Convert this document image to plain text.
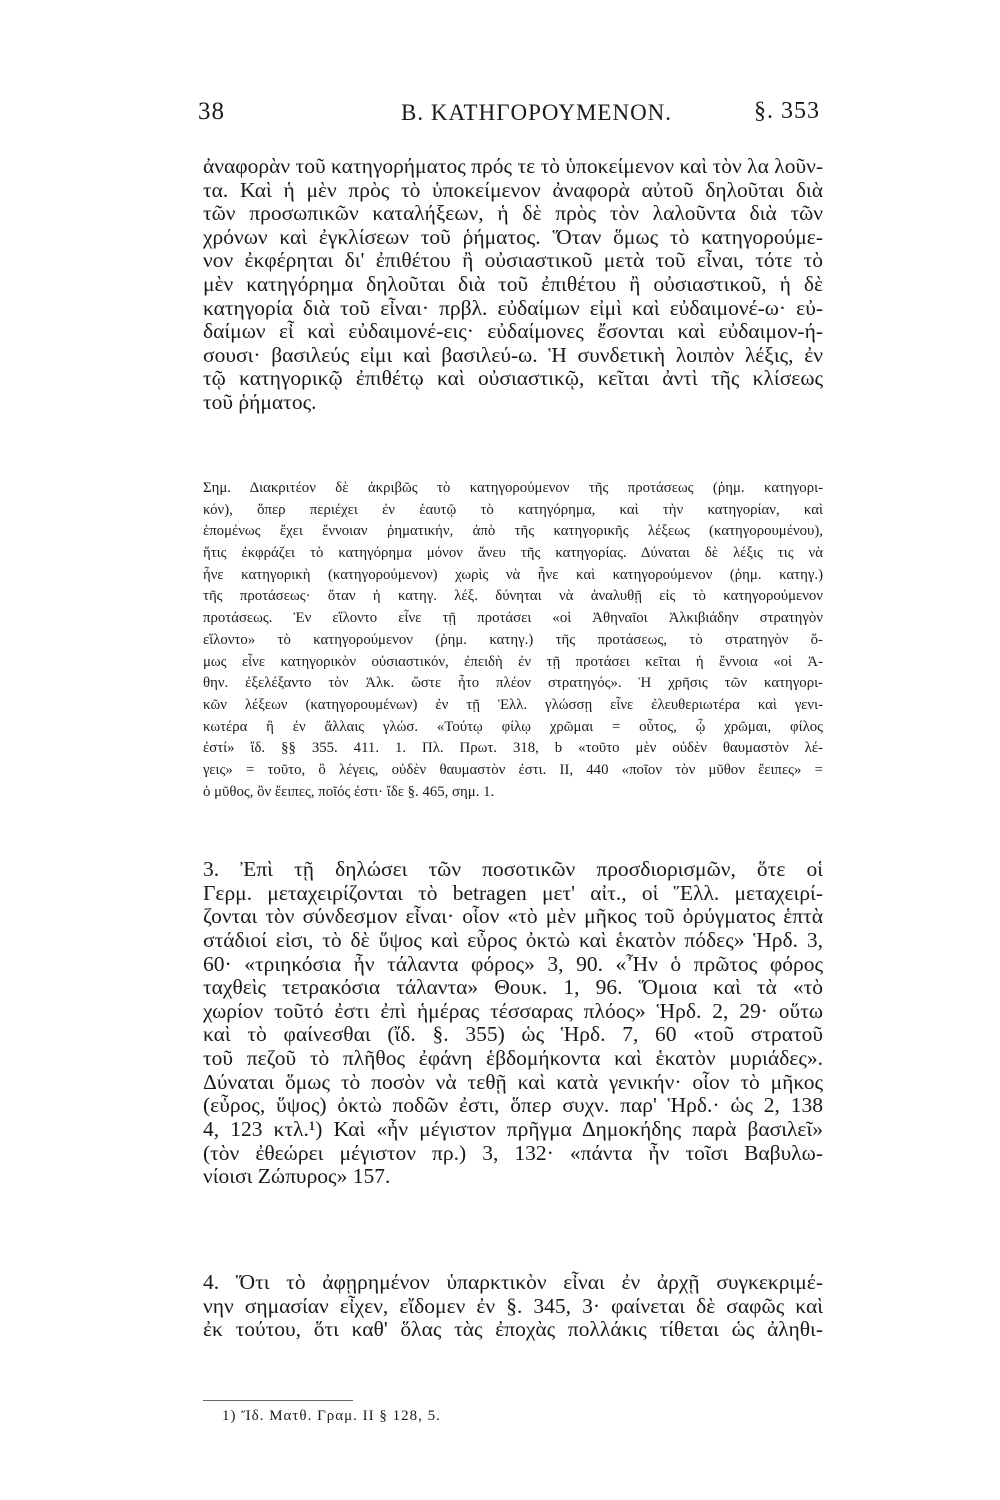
38	Β. ΚΑΤΗΓΟΡΟΥΜΕΝΟΝ.	§. 353
ἀναφορὰν τοῦ κατηγορήματος πρός τε τὸ ὑποκείμενον καὶ τὸν λα λοῦν-
τα. Καὶ ἡ μὲν πρὸς τὸ ὑποκείμενον ἀναφορὰ αὐτοῦ δηλοῦται διὰ
τῶν προσωπικῶν καταλήξεων, ἡ δὲ πρὸς τὸν λαλοῦντα διὰ τῶν
χρόνων καὶ ἐγκλίσεων τοῦ ῥήματος. Ὅταν ὅμως τὸ κατηγορούμε-
νον ἐκφέρηται δι' ἐπιθέτου ἢ οὐσιαστικοῦ μετὰ τοῦ εἶναι, τότε τὸ
μὲν κατηγόρημα δηλοῦται διὰ τοῦ ἐπιθέτου ἢ οὐσιαστικοῦ, ἡ δὲ
κατηγορία διὰ τοῦ εἶναι· πρβλ. εὐδαίμων εἰμὶ καὶ εὐδαιμονέ-ω· εὐ-
δαίμων εἶ καὶ εὐδαιμονέ-εις· εὐδαίμονες ἔσονται καὶ εὐδαιμον-ή-
σουσι· βασιλεύς εἰμι καὶ βασιλεύ-ω. Ἡ συνδετικὴ λοιπὸν λέξις, ἐν
τῷ κατηγορικῷ ἐπιθέτῳ καὶ οὐσιαστικῷ, κεῖται ἀντὶ τῆς κλίσεως
τοῦ ῥήματος.
Σημ. Διακριτέον δὲ ἀκριβῶς τὸ κατηγορούμενον τῆς προτάσεως (ῥημ. κατηγορι-
κόν), ὅπερ περιέχει ἐν ἑαυτῷ τὸ κατηγόρημα, καὶ τὴν κατηγορίαν, καὶ
ἑπομένως ἔχει ἔννοιαν ῥηματικήν, ἀπὸ τῆς κατηγορικῆς λέξεως (κατηγορουμένου),
ἥτις ἐκφράζει τὸ κατηγόρημα μόνον ἄνευ τῆς κατηγορίας. Δύναται δὲ λέξις τις νὰ
ἦνε κατηγορικὴ (κατηγορούμενον) χωρὶς νὰ ἦνε καὶ κατηγορούμενον (ῥημ. κατηγ.)
τῆς προτάσεως· ὅταν ἡ κατηγ. λέξ. δύνηται νὰ ἀναλυθῇ εἰς τὸ κατηγορούμενον
προτάσεως. Ἐν εἵλοντο εἶνε τῇ προτάσει «οἱ Ἀθηναῖοι Ἀλκιβιάδην στρατηγὸν
εἵλοντο» τὸ κατηγορούμενον (ῥημ. κατηγ.) τῆς προτάσεως, τὸ στρατηγὸν ὅ-
μως εἶνε κατηγορικὸν οὐσιαστικόν, ἐπειδὴ ἐν τῇ προτάσει κεῖται ἡ ἔννοια «οἱ Ἀ-
θην. ἐξελέξαντο τὸν Ἀλκ. ὥστε ἦτο πλέον στρατηγός». Ἡ χρῆσις τῶν κατηγορι-
κῶν λέξεων (κατηγορουμένων) ἐν τῇ Ἑλλ. γλώσσῃ εἶνε ἐλευθεριωτέρα καὶ γενι-
κωτέρα ἢ ἐν ἄλλαις γλώσ. «Τούτῳ φίλῳ χρῶμαι = οὗτος, ᾧ χρῶμαι, φίλος
ἐστί» ἴδ. §§ 355. 411. 1. Πλ. Πρωτ. 318, b «τοῦτο μὲν οὐδὲν θαυμαστὸν λέ-
γεις» = τοῦτο, ὃ λέγεις, οὐδὲν θαυμαστὸν ἐστι. ΙΙ, 440 «ποῖον τὸν μῦθον ἔειπες» =
ὁ μῦθος, ὃν ἔειπες, ποῖός ἐστι· ἴδε §. 465, σημ. 1.
3. Ἐπὶ τῇ δηλώσει τῶν ποσοτικῶν προσδιορισμῶν, ὅτε οἱ
Γερμ. μεταχειρίζονται τὸ betragen μετ' αἰτ., οἱ Ἕλλ. μεταχειρί-
ζονται τὸν σύνδεσμον εἶναι· οἷον «τὸ μὲν μῆκος τοῦ ὀρύγματος ἑπτὰ
στάδιοί εἰσι, τὸ δὲ ὕψος καὶ εὖρος ὀκτὼ καὶ ἑκατὸν πόδες» Ἡρδ. 3,
60· «τριηκόσια ἦν τάλαντα φόρος» 3, 90. «Ἦν ὁ πρῶτος φόρος
ταχθεὶς τετρακόσια τάλαντα» Θουκ. 1, 96. Ὅμοια καὶ τὰ «τὸ
χωρίον τοῦτό ἐστι ἐπὶ ἡμέρας τέσσαρας πλόος» Ἡρδ. 2, 29· οὕτω
καὶ τὸ φαίνεσθαι (ἴδ. §. 355) ὡς Ἡρδ. 7, 60 «τοῦ στρατοῦ
τοῦ πεζοῦ τὸ πλῆθος ἐφάνη ἑβδομήκοντα καὶ ἑκατὸν μυριάδες».
Δύναται ὅμως τὸ ποσὸν νὰ τεθῇ καὶ κατὰ γενικήν· οἷον τὸ μῆκος
(εὖρος, ὕψος) ὀκτὼ ποδῶν ἐστι, ὅπερ συχν. παρ' Ἡρδ.· ὡς 2, 138
4, 123 κτλ.¹) Καὶ «ἦν μέγιστον πρῆγμα Δημοκήδης παρὰ βασιλεῖ»
(τὸν ἐθεώρει μέγιστον πρ.) 3, 132· «πάντα ἦν τοῖσι Βαβυλω-
νίοισι Ζώπυρος» 157.
4. Ὅτι τὸ ἀφῃρημένον ὑπαρκτικὸν εἶναι ἐν ἀρχῇ συγκεκριμέ-
νην σημασίαν εἶχεν, εἴδομεν ἐν §. 345, 3· φαίνεται δὲ σαφῶς καὶ
ἐκ τούτου, ὅτι καθ' ὅλας τὰς ἐποχὰς πολλάκις τίθεται ὡς ἀληθι-
1) Ἴδ. Ματθ. Γραμ. ΙΙ § 128, 5.
